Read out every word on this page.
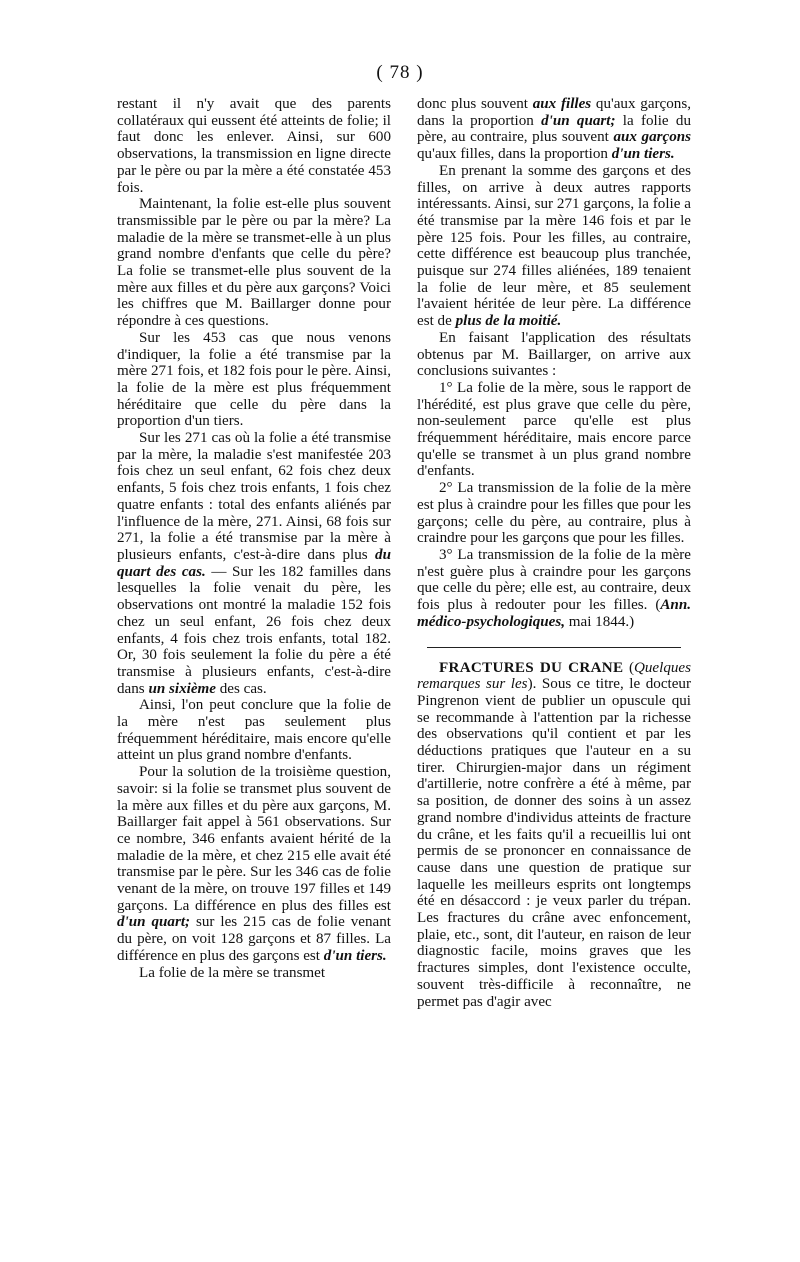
( 78 )

restant il n'y avait que des parents collatéraux qui eussent été atteints de folie; il faut donc les enlever. Ainsi, sur 600 observations, la transmission en ligne directe par le père ou par la mère a été constatée 453 fois.

Maintenant, la folie est-elle plus souvent transmissible par le père ou par la mère? La maladie de la mère se transmet-elle à un plus grand nombre d'enfants que celle du père? La folie se transmet-elle plus souvent de la mère aux filles et du père aux garçons? Voici les chiffres que M. Baillarger donne pour répondre à ces questions.

Sur les 453 cas que nous venons d'indiquer, la folie a été transmise par la mère 271 fois, et 182 fois pour le père. Ainsi, la folie de la mère est plus fréquemment héréditaire que celle du père dans la proportion d'un tiers.

Sur les 271 cas où la folie a été transmise par la mère, la maladie s'est manifestée 203 fois chez un seul enfant, 62 fois chez deux enfants, 5 fois chez trois enfants, 1 fois chez quatre enfants : total des enfants aliénés par l'influence de la mère, 271. Ainsi, 68 fois sur 271, la folie a été transmise par la mère à plusieurs enfants, c'est-à-dire dans plus du quart des cas. — Sur les 182 familles dans lesquelles la folie venait du père, les observations ont montré la maladie 152 fois chez un seul enfant, 26 fois chez deux enfants, 4 fois chez trois enfants, total 182. Or, 30 fois seulement la folie du père a été transmise à plusieurs enfants, c'est-à-dire dans un sixième des cas.

Ainsi, l'on peut conclure que la folie de la mère n'est pas seulement plus fréquemment héréditaire, mais encore qu'elle atteint un plus grand nombre d'enfants.

Pour la solution de la troisième question, savoir: si la folie se transmet plus souvent de la mère aux filles et du père aux garçons, M. Baillarger fait appel à 561 observations. Sur ce nombre, 346 enfants avaient hérité de la maladie de la mère, et chez 215 elle avait été transmise par le père. Sur les 346 cas de folie venant de la mère, on trouve 197 filles et 149 garçons. La différence en plus des filles est d'un quart; sur les 215 cas de folie venant du père, on voit 128 garçons et 87 filles. La différence en plus des garçons est d'un tiers.

La folie de la mère se transmet

donc plus souvent aux filles qu'aux garçons, dans la proportion d'un quart; la folie du père, au contraire, plus souvent aux garçons qu'aux filles, dans la proportion d'un tiers.

En prenant la somme des garçons et des filles, on arrive à deux autres rapports intéressants. Ainsi, sur 271 garçons, la folie a été transmise par la mère 146 fois et par le père 125 fois. Pour les filles, au contraire, cette différence est beaucoup plus tranchée, puisque sur 274 filles aliénées, 189 tenaient la folie de leur mère, et 85 seulement l'avaient héritée de leur père. La différence est de plus de la moitié.

En faisant l'application des résultats obtenus par M. Baillarger, on arrive aux conclusions suivantes :

1° La folie de la mère, sous le rapport de l'hérédité, est plus grave que celle du père, non-seulement parce qu'elle est plus fréquemment héréditaire, mais encore parce qu'elle se transmet à un plus grand nombre d'enfants.

2° La transmission de la folie de la mère est plus à craindre pour les filles que pour les garçons; celle du père, au contraire, plus à craindre pour les garçons que pour les filles.

3° La transmission de la folie de la mère n'est guère plus à craindre pour les garçons que celle du père; elle est, au contraire, deux fois plus à redouter pour les filles. (Ann. médico-psychologiques, mai 1844.)

FRACTURES DU CRANE (Quelques remarques sur les). Sous ce titre, le docteur Pingrenon vient de publier un opuscule qui se recommande à l'attention par la richesse des observations qu'il contient et par les déductions pratiques que l'auteur en a su tirer. Chirurgien-major dans un régiment d'artillerie, notre confrère a été à même, par sa position, de donner des soins à un assez grand nombre d'individus atteints de fracture du crâne, et les faits qu'il a recueillis lui ont permis de se prononcer en connaissance de cause dans une question de pratique sur laquelle les meilleurs esprits ont longtemps été en désaccord : je veux parler du trépan. Les fractures du crâne avec enfoncement, plaie, etc., sont, dit l'auteur, en raison de leur diagnostic facile, moins graves que les fractures simples, dont l'existence occulte, souvent très-difficile à reconnaître, ne permet pas d'agir avec
